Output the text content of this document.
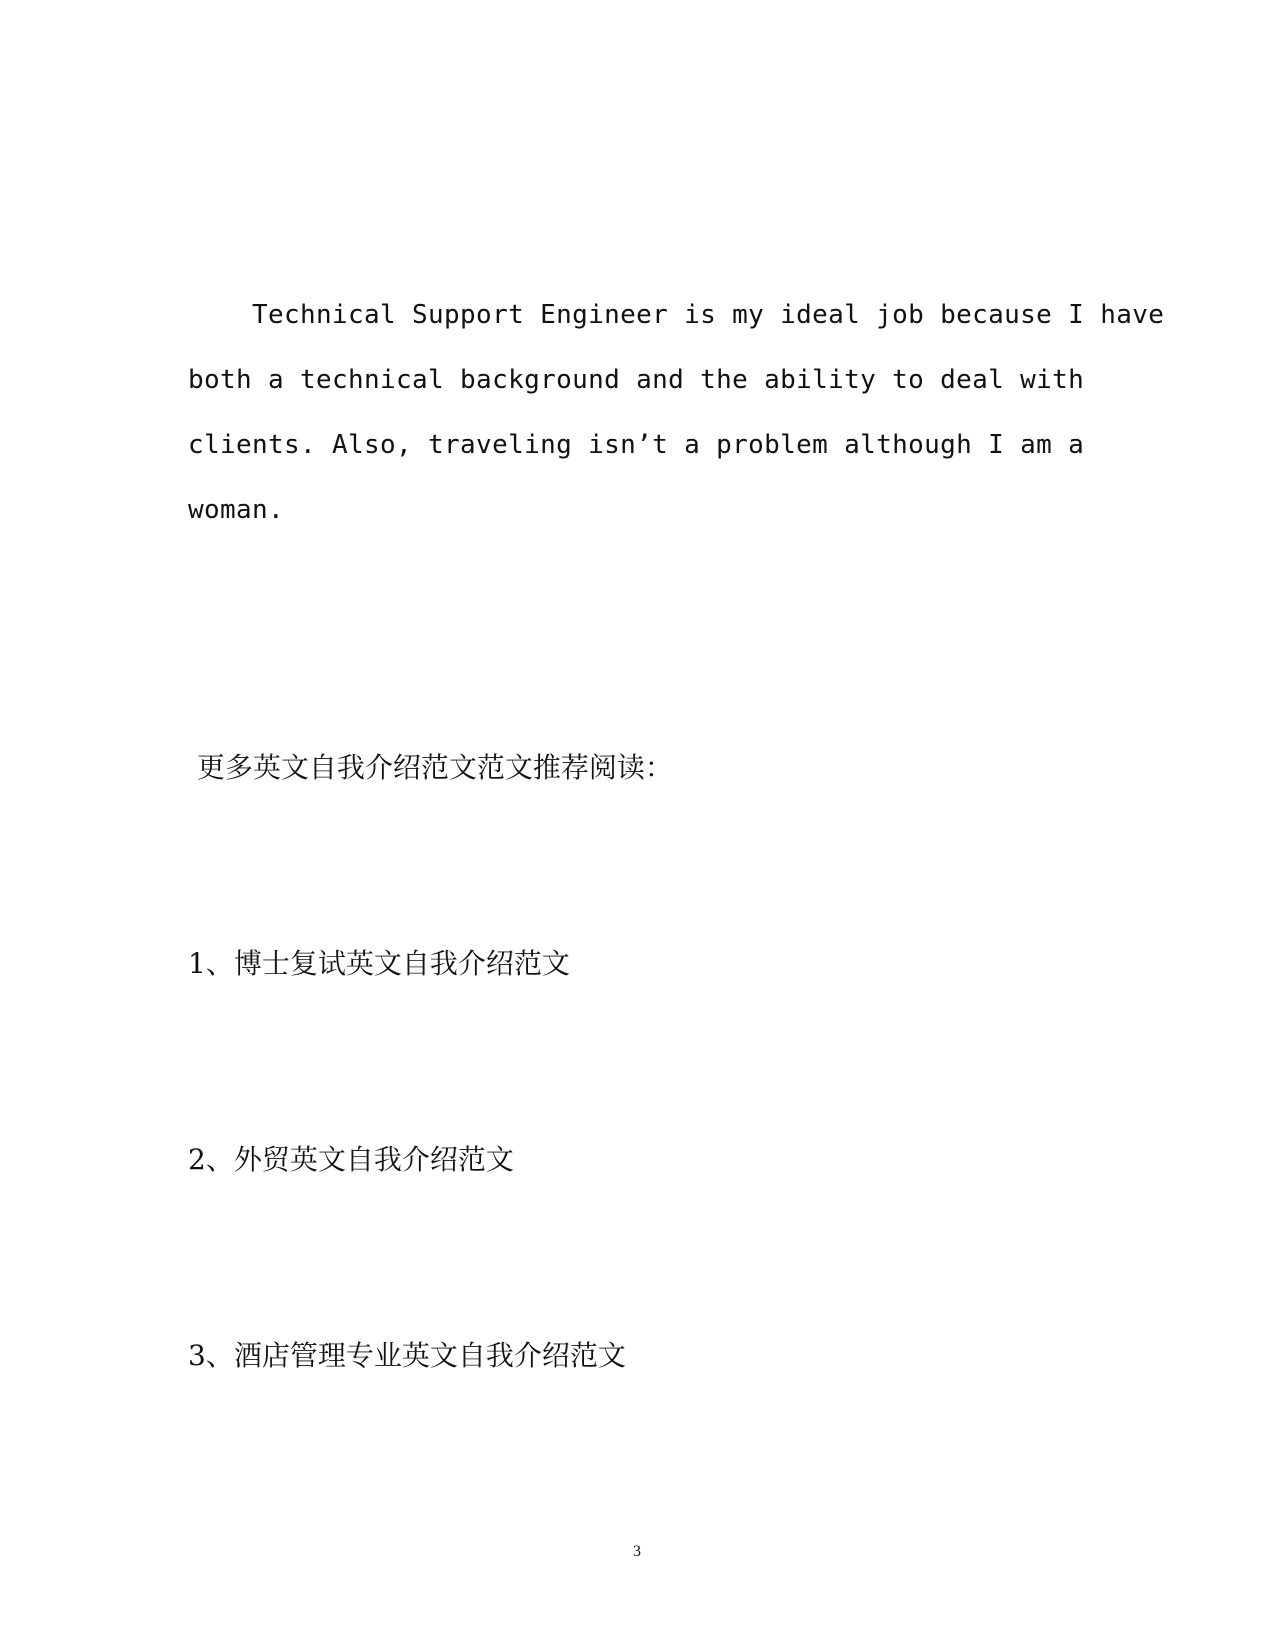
Technical Support Engineer is my ideal job because I have
both a technical background and the ability to deal with
clients. Also, traveling isn’t a problem although I am a
woman.
更多英文自我介绍范文范文推荐阅读：
1、博士复试英文自我介绍范文
2、外贸英文自我介绍范文
3、酒店管理专业英文自我介绍范文
3
